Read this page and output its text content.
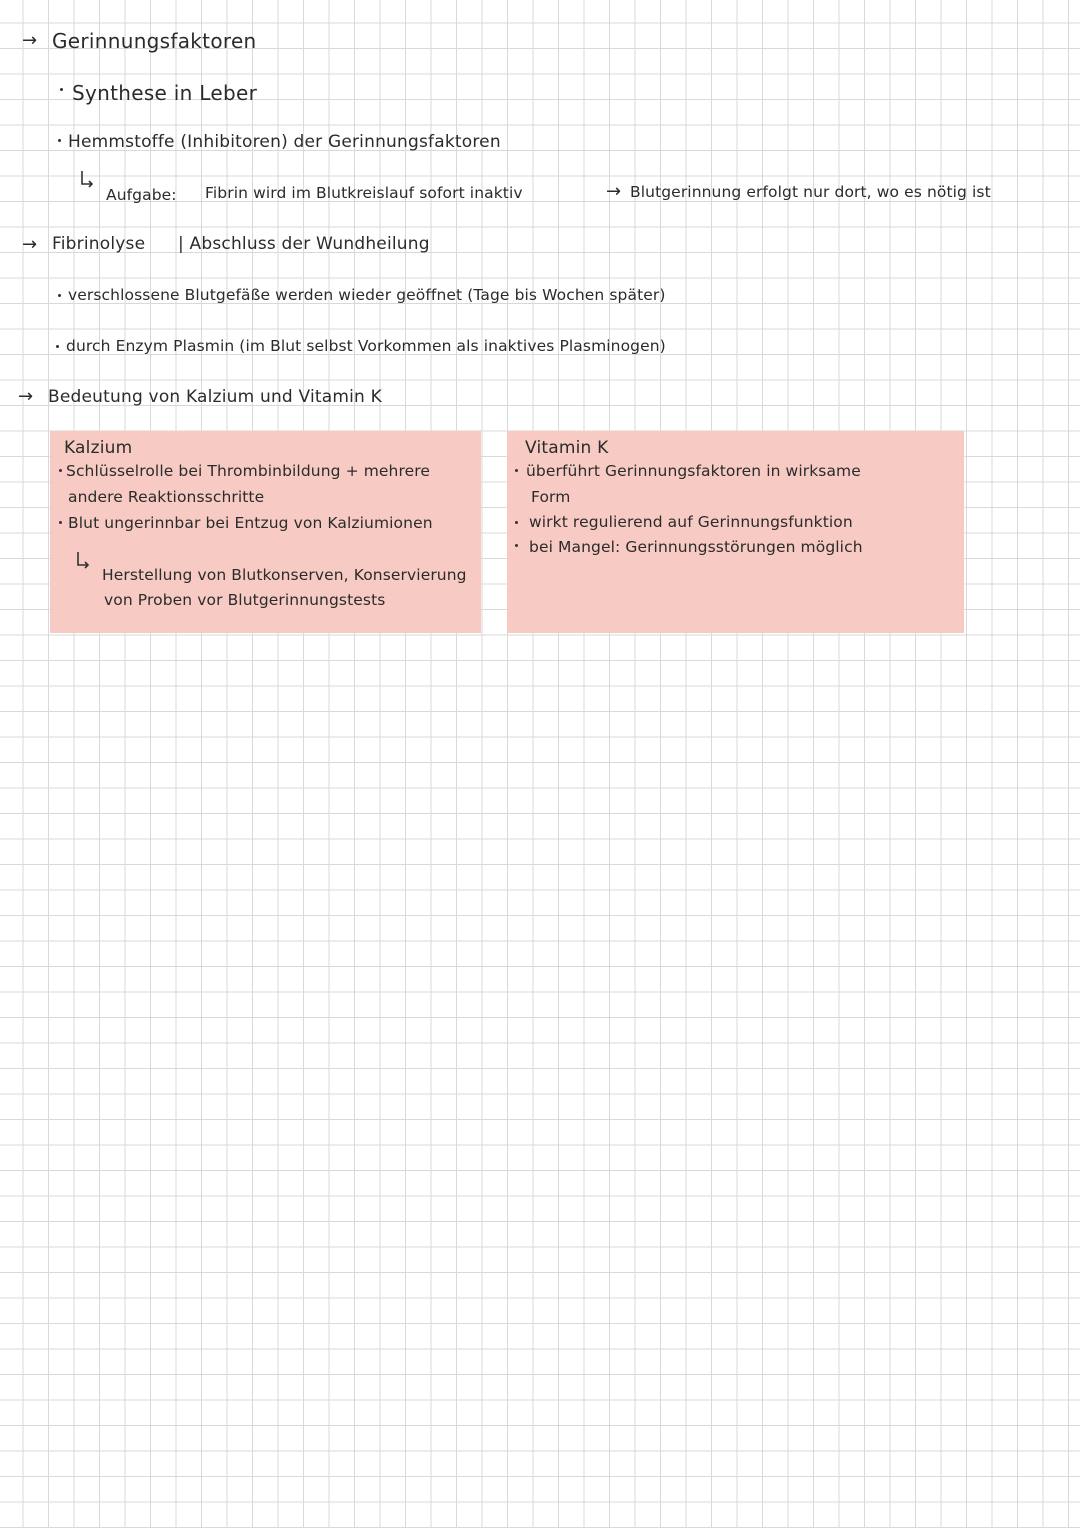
→ Gerinnungsfaktoren
Synthese in Leber
Hemmstoffe (Inhibitoren) der Gerinnungsfaktoren
Aufgabe: Fibrin wird im Blutkreislauf sofort inaktiv	→ Blutgerinnung erfolgt nur dort, wo es nötig ist
→ Fibrinolyse | Abschluss der Wundheilung
verschlossene Blutgefäße werden wieder geöffnet (Tage bis Wochen später)
durch Enzym Plasmin (im Blut selbst Vorkommen als inaktives Plasminogen)
→ Bedeutung von Kalzium und Vitamin K
Kalzium
Schlüsselrolle bei Thrombinbildung + mehrere
andere Reaktionsschritte
Blut ungerinnbar bei Entzug von Kalziumionen
Herstellung von Blutkonserven, Konservierung
von Proben vor Blutgerinnungstests
Vitamin K
überführt Gerinnungsfaktoren in wirksame
Form
wirkt regulierend auf Gerinnungsfunktion
bei Mangel: Gerinnungsstörungen möglich
